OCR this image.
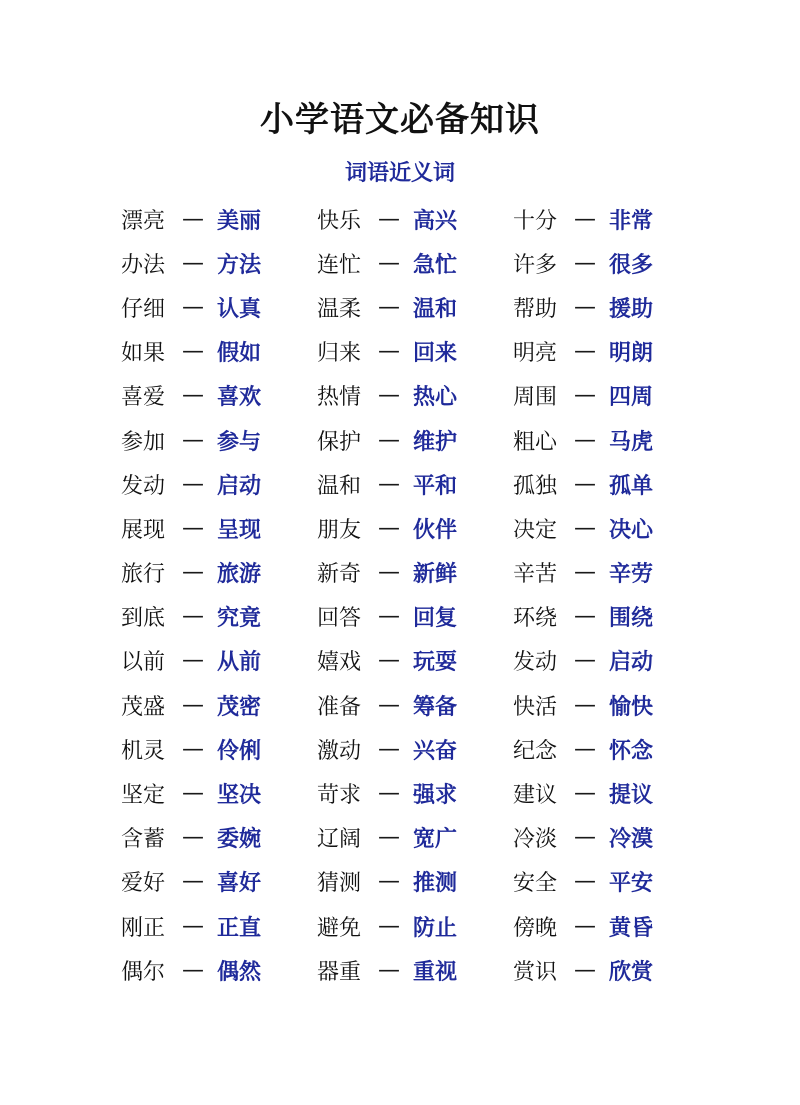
小学语文必备知识
词语近义词
漂亮 — 美丽	快乐 — 高兴	十分 — 非常
办法 — 方法	连忙 — 急忙	许多 — 很多
仔细 — 认真	温柔 — 温和	帮助 — 援助
如果 — 假如	归来 — 回来	明亮 — 明朗
喜爱 — 喜欢	热情 — 热心	周围 — 四周
参加 — 参与	保护 — 维护	粗心 — 马虎
发动 — 启动	温和 — 平和	孤独 — 孤单
展现 — 呈现	朋友 — 伙伴	决定 — 决心
旅行 — 旅游	新奇 — 新鲜	辛苦 — 辛劳
到底 — 究竟	回答 — 回复	环绕 — 围绕
以前 — 从前	嬉戏 — 玩耍	发动 — 启动
茂盛 — 茂密	准备 — 筹备	快活 — 愉快
机灵 — 伶俐	激动 — 兴奋	纪念 — 怀念
坚定 — 坚决	苛求 — 强求	建议 — 提议
含蓄 — 委婉	辽阔 — 宽广	冷淡 — 冷漠
爱好 — 喜好	猜测 — 推测	安全 — 平安
刚正 — 正直	避免 — 防止	傍晚 — 黄昏
偶尔 — 偶然	器重 — 重视	赏识 — 欣赏
